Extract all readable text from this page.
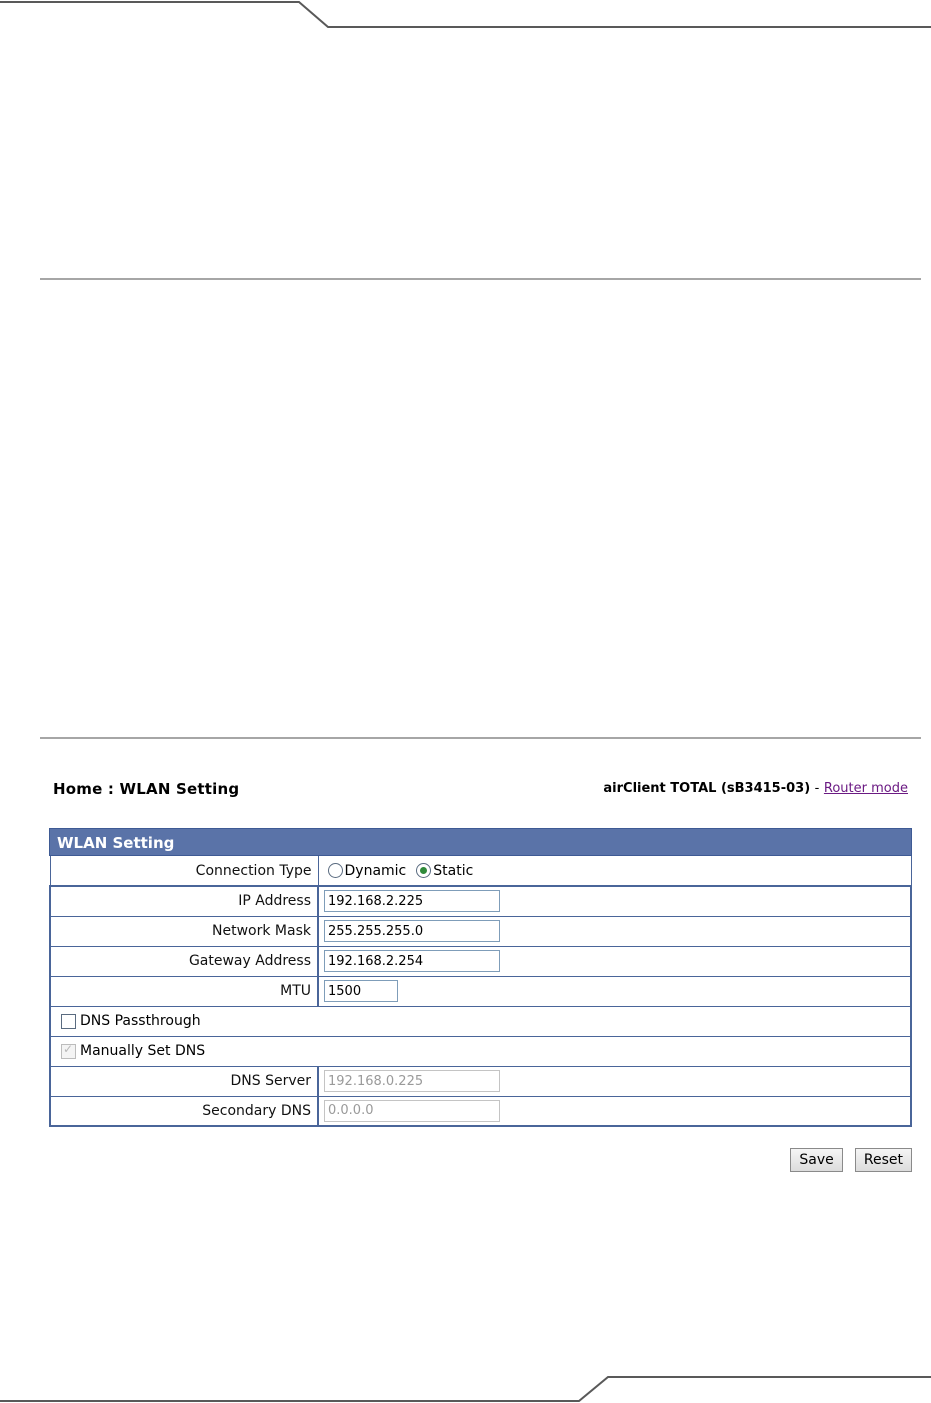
Home : WLAN Setting	airClient TOTAL (sB3415-03) - Router mode
WLAN Setting
Connection Type	Dynamic Static
IP Address	192.168.2.225
Network Mask	255.255.255.0
Gateway Address	192.168.2.254
MTU	1500
DNS Passthrough	
✓Manually Set DNS
DNS Server	192.168.0.225
Secondary DNS	0.0.0.0
Save Reset
